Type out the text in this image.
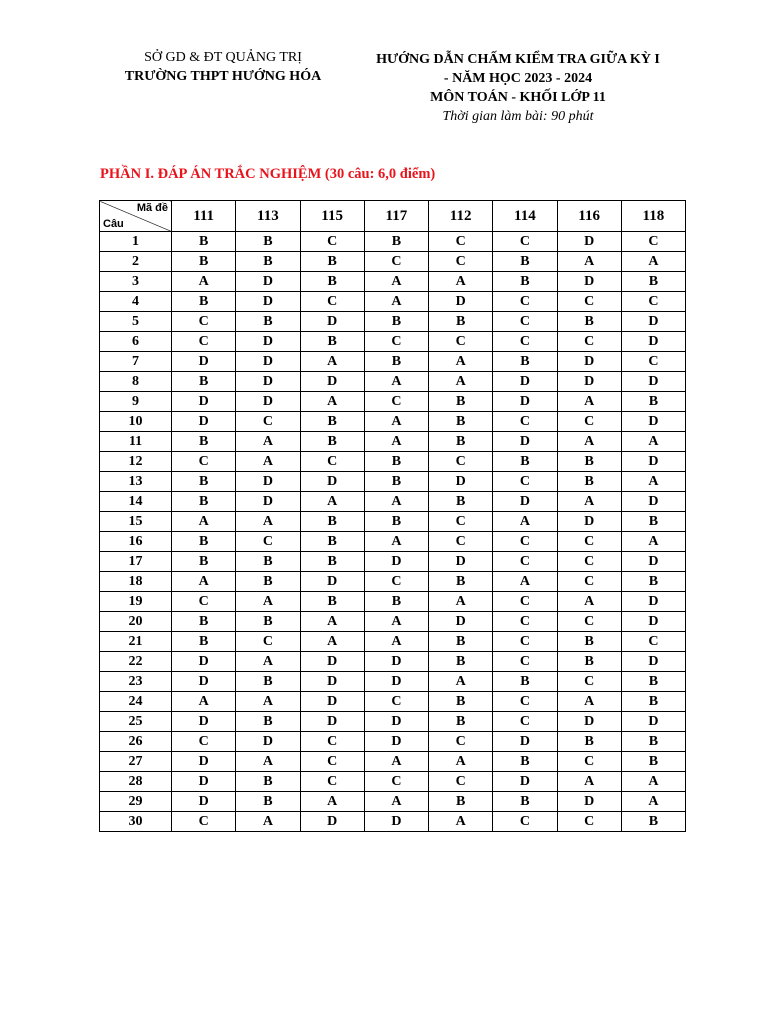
SỞ GD & ĐT QUẢNG TRỊ
TRƯỜNG THPT HƯỚNG HÓA
HƯỚNG DẪN CHẤM KIỂM TRA GIỮA KỲ I
- NĂM HỌC 2023 - 2024
MÔN TOÁN - KHỐI LỚP 11
Thời gian làm bài: 90 phút
PHẦN I. ĐÁP ÁN TRẮC NGHIỆM (30 câu: 6,0 điểm)
Mã đề
Câu	111	113	115	117	112	114	116	118
1	B	B	C	B	C	C	D	C
2	B	B	B	C	C	B	A	A
3	A	D	B	A	A	B	D	B
4	B	D	C	A	D	C	C	C
5	C	B	D	B	B	C	B	D
6	C	D	B	C	C	C	C	D
7	D	D	A	B	A	B	D	C
8	B	D	D	A	A	D	D	D
9	D	D	A	C	B	D	A	B
10	D	C	B	A	B	C	C	D
11	B	A	B	A	B	D	A	A
12	C	A	C	B	C	B	B	D
13	B	D	D	B	D	C	B	A
14	B	D	A	A	B	D	A	D
15	A	A	B	B	C	A	D	B
16	B	C	B	A	C	C	C	A
17	B	B	B	D	D	C	C	D
18	A	B	D	C	B	A	C	B
19	C	A	B	B	A	C	A	D
20	B	B	A	A	D	C	C	D
21	B	C	A	A	B	C	B	C
22	D	A	D	D	B	C	B	D
23	D	B	D	D	A	B	C	B
24	A	A	D	C	B	C	A	B
25	D	B	D	D	B	C	D	D
26	C	D	C	D	C	D	B	B
27	D	A	C	A	A	B	C	B
28	D	B	C	C	C	D	A	A
29	D	B	A	A	B	B	D	A
30	C	A	D	D	A	C	C	B
